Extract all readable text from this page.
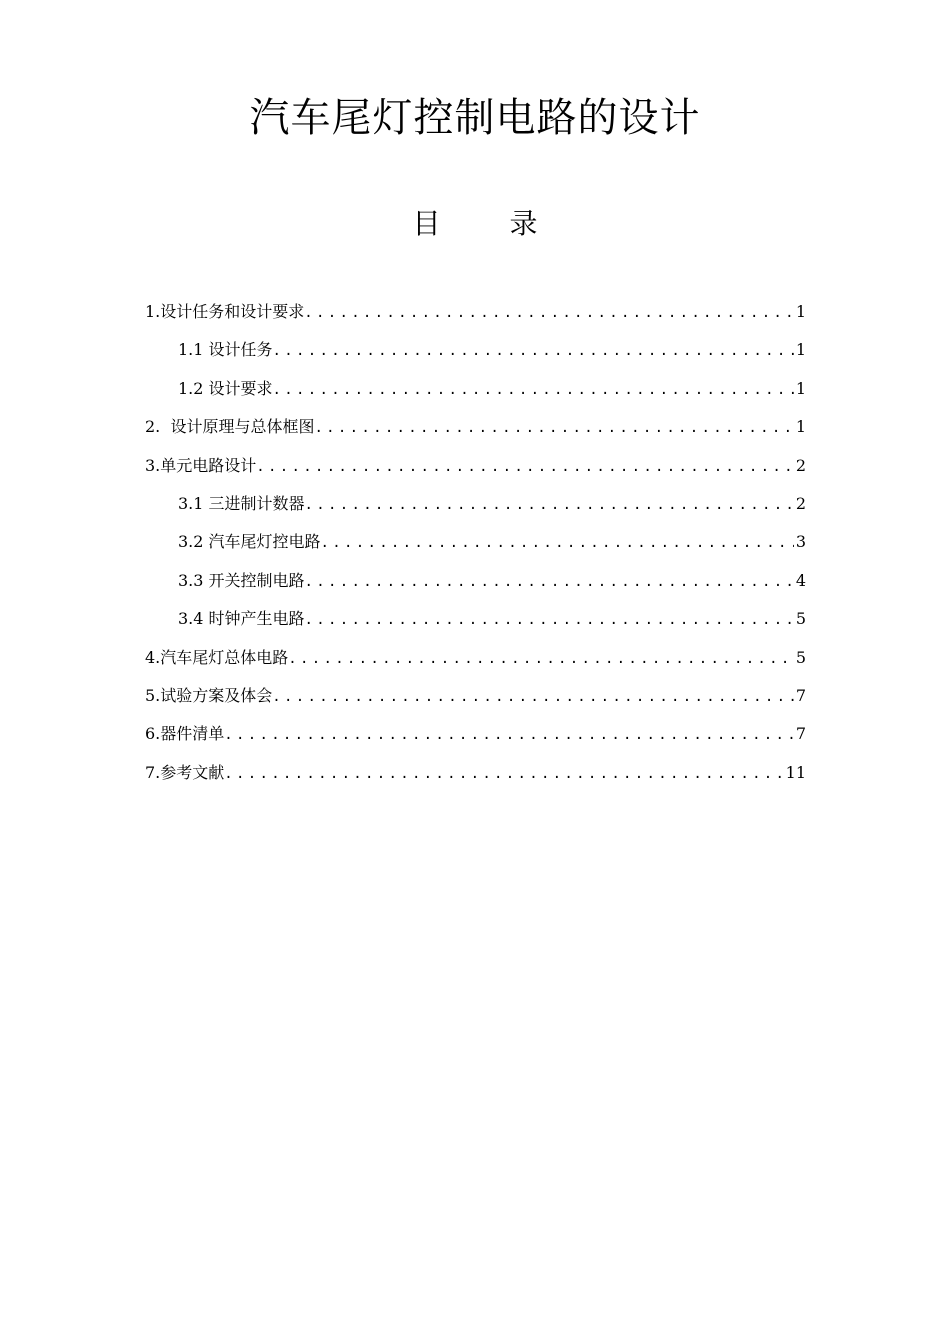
汽车尾灯控制电路的设计
目 录
1.设计任务和设计要求 .....	1
1.1 设计任务 .....	1
1.2 设计要求 .....	1
2.  设计原理与总体框图 .....	1
3.单元电路设计 .....	2
3.1 三进制计数器 .....	2
3.2 汽车尾灯控电路 .....	3
3.3 开关控制电路 .....	4
3.4 时钟产生电路 .....	5
4.汽车尾灯总体电路 .....	5
5.试验方案及体会 .....	7
6.器件清单 .....	7
7.参考文献 .....	11
